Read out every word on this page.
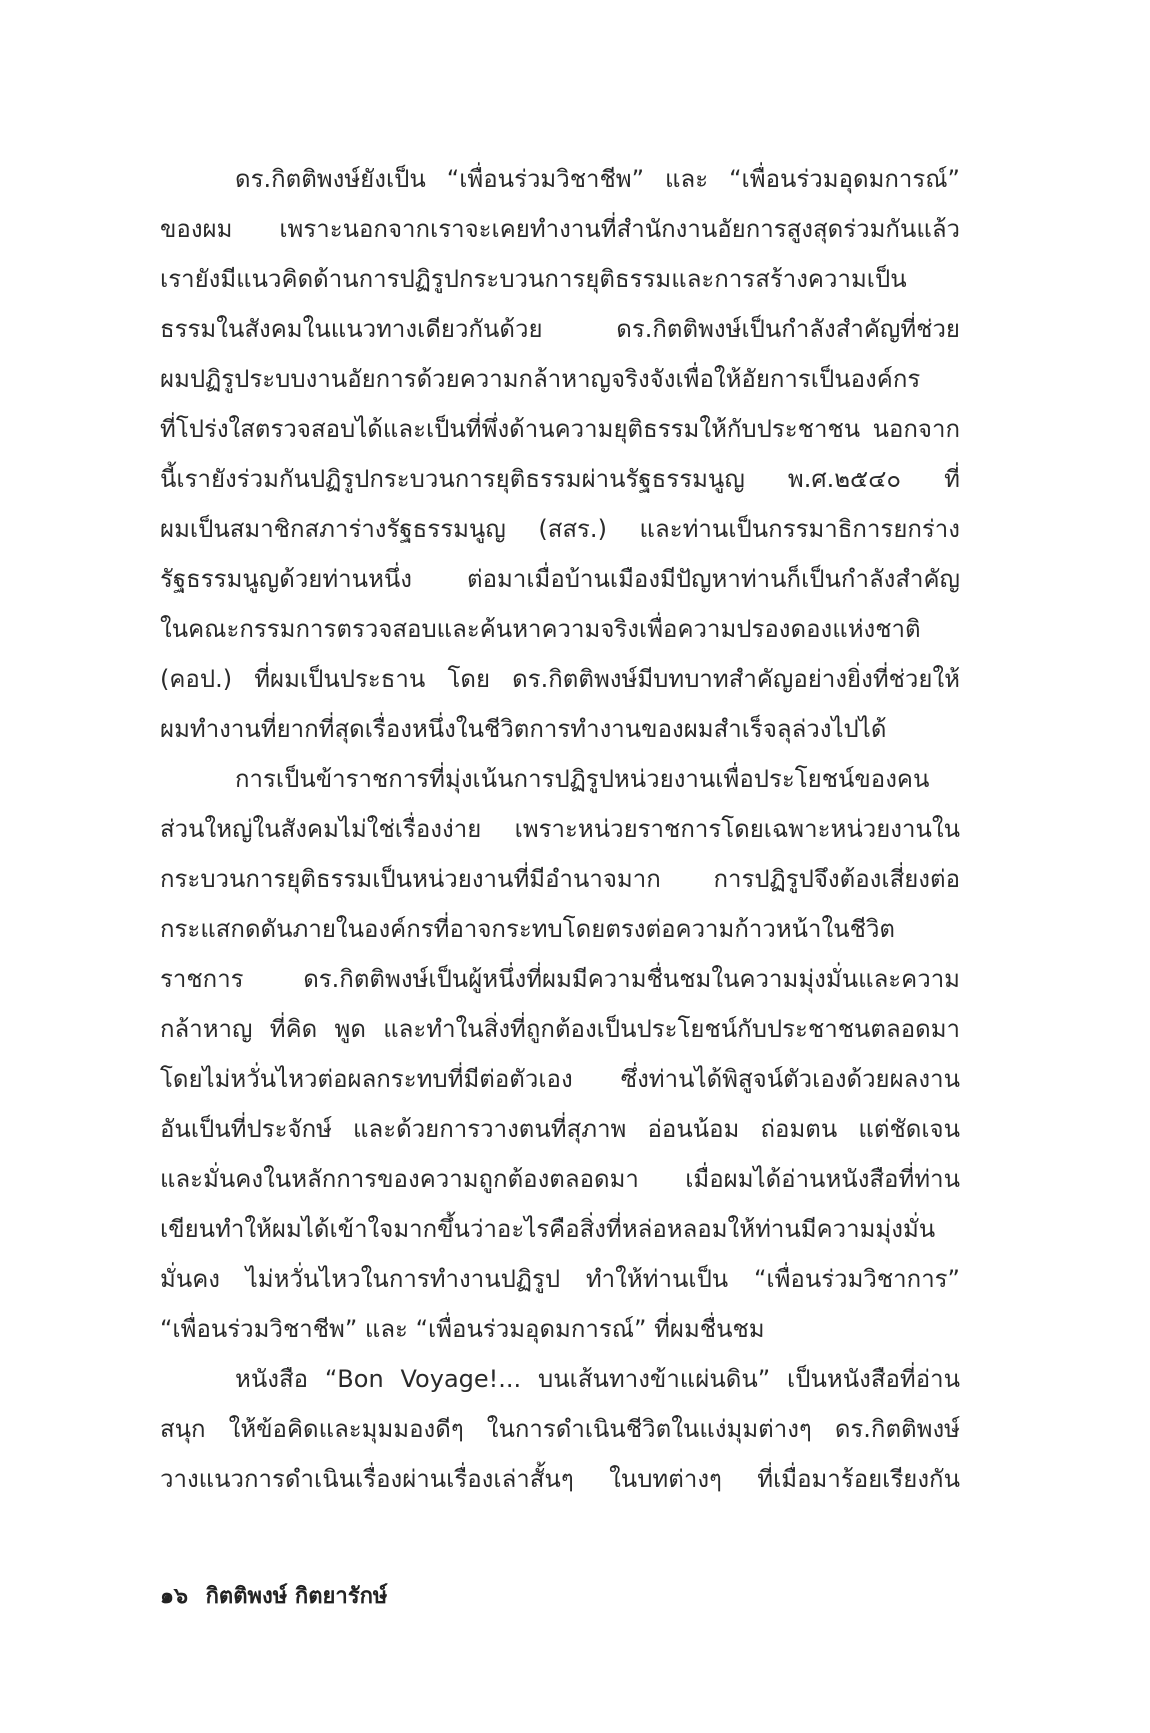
ดร.กิตติพงษ์ยังเป็น “เพื่อนร่วมวิชาชีพ” และ “เพื่อนร่วมอุดมการณ์”
ของผม เพราะนอกจากเราจะเคยทำงานที่สำนักงานอัยการสูงสุดร่วมกันแล้ว
เรายังมีแนวคิดด้านการปฏิรูปกระบวนการยุติธรรมและการสร้างความเป็น
ธรรมในสังคมในแนวทางเดียวกันด้วย ดร.กิตติพงษ์เป็นกำลังสำคัญที่ช่วย
ผมปฏิรูประบบงานอัยการด้วยความกล้าหาญจริงจังเพื่อให้อัยการเป็นองค์กร
ที่โปร่งใสตรวจสอบได้และเป็นที่พึ่งด้านความยุติธรรมให้กับประชาชน นอกจาก
นี้เรายังร่วมกันปฏิรูปกระบวนการยุติธรรมผ่านรัฐธรรมนูญ พ.ศ.๒๕๔๐ ที่
ผมเป็นสมาชิกสภาร่างรัฐธรรมนูญ (สสร.) และท่านเป็นกรรมาธิการยกร่าง
รัฐธรรมนูญด้วยท่านหนึ่ง ต่อมาเมื่อบ้านเมืองมีปัญหาท่านก็เป็นกำลังสำคัญ
ในคณะกรรมการตรวจสอบและค้นหาความจริงเพื่อความปรองดองแห่งชาติ
(คอป.) ที่ผมเป็นประธาน โดย ดร.กิตติพงษ์มีบทบาทสำคัญอย่างยิ่งที่ช่วยให้
ผมทำงานที่ยากที่สุดเรื่องหนึ่งในชีวิตการทำงานของผมสำเร็จลุล่วงไปได้
การเป็นข้าราชการที่มุ่งเน้นการปฏิรูปหน่วยงานเพื่อประโยชน์ของคน
ส่วนใหญ่ในสังคมไม่ใช่เรื่องง่าย เพราะหน่วยราชการโดยเฉพาะหน่วยงานใน
กระบวนการยุติธรรมเป็นหน่วยงานที่มีอำนาจมาก การปฏิรูปจึงต้องเสี่ยงต่อ
กระแสกดดันภายในองค์กรที่อาจกระทบโดยตรงต่อความก้าวหน้าในชีวิต
ราชการ ดร.กิตติพงษ์เป็นผู้หนึ่งที่ผมมีความชื่นชมในความมุ่งมั่นและความ
กล้าหาญ ที่คิด พูด และทำในสิ่งที่ถูกต้องเป็นประโยชน์กับประชาชนตลอดมา
โดยไม่หวั่นไหวต่อผลกระทบที่มีต่อตัวเอง ซึ่งท่านได้พิสูจน์ตัวเองด้วยผลงาน
อันเป็นที่ประจักษ์ และด้วยการวางตนที่สุภาพ อ่อนน้อม ถ่อมตน แต่ชัดเจน
และมั่นคงในหลักการของความถูกต้องตลอดมา เมื่อผมได้อ่านหนังสือที่ท่าน
เขียนทำให้ผมได้เข้าใจมากขึ้นว่าอะไรคือสิ่งที่หล่อหลอมให้ท่านมีความมุ่งมั่น
มั่นคง ไม่หวั่นไหวในการทำงานปฏิรูป ทำให้ท่านเป็น “เพื่อนร่วมวิชาการ”
“เพื่อนร่วมวิชาชีพ” และ “เพื่อนร่วมอุดมการณ์” ที่ผมชื่นชม
หนังสือ “Bon Voyage!... บนเส้นทางข้าแผ่นดิน” เป็นหนังสือที่อ่าน
สนุก ให้ข้อคิดและมุมมองดีๆ ในการดำเนินชีวิตในแง่มุมต่างๆ ดร.กิตติพงษ์
วางแนวการดำเนินเรื่องผ่านเรื่องเล่าสั้นๆ ในบทต่างๆ ที่เมื่อมาร้อยเรียงกัน
๑๖ กิตติพงษ์ กิตยารักษ์
